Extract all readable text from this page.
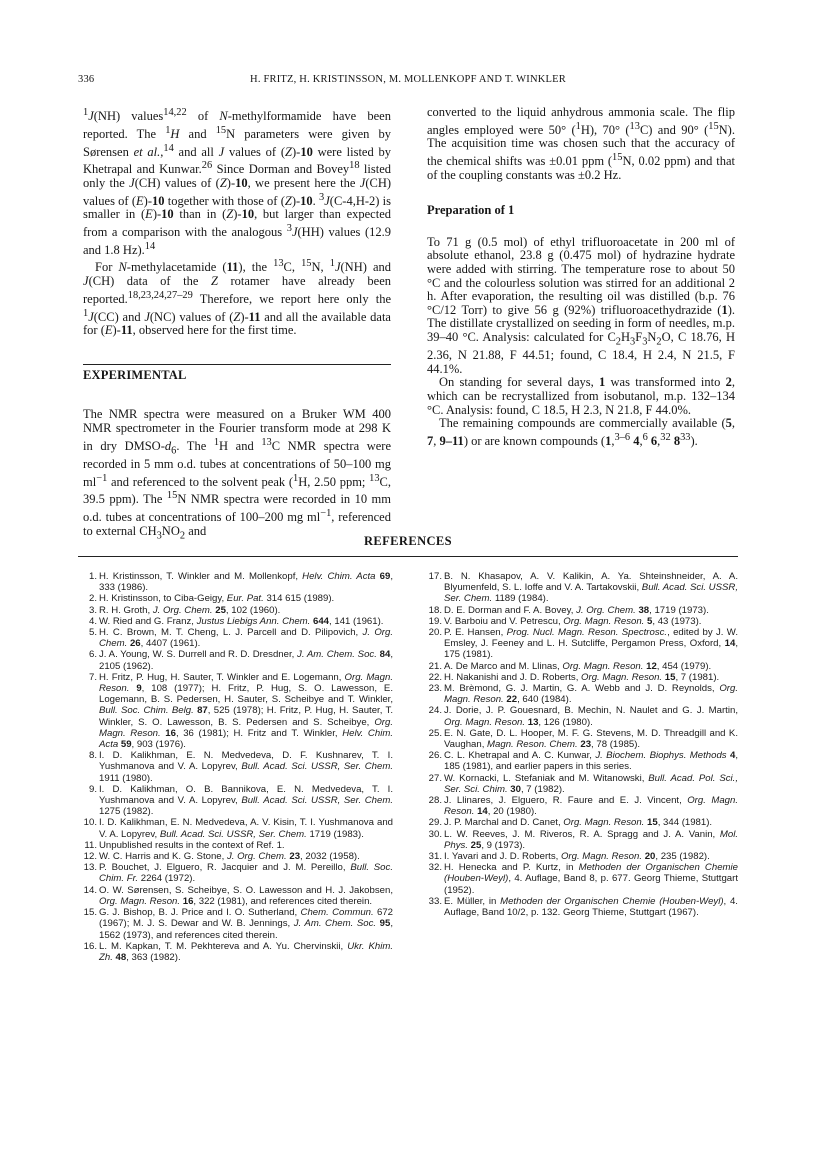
336	H. FRITZ, H. KRISTINSSON, M. MOLLENKOPF AND T. WINKLER

$^1$J(NH) values$^{14,22}$ of N-methylformamide have been reported. The $^1$H and $^{15}$N parameters were given by Sørensen et al.,$^{14}$ and all J values of (Z)-10 were listed by Khetrapal and Kunwar.$^{26}$ Since Dorman and Bovey$^{18}$ listed only the J(CH) values of (Z)-10, we present here the J(CH) values of (E)-10 together with those of (Z)-10. $^3$J(C-4,H-2) is smaller in (E)-10 than in (Z)-10, but larger than expected from a comparison with the analogous $^3$J(HH) values (12.9 and 1.8 Hz).$^{14}$

For N-methylacetamide (11), the $^{13}$C, $^{15}$N, $^1$J(NH) and J(CH) data of the Z rotamer have already been reported.$^{18,23,24,27-29}$ Therefore, we report here only the $^1$J(CC) and J(NC) values of (Z)-11 and all the available data for (E)-11, observed here for the first time.

EXPERIMENTAL

The NMR spectra were measured on a Bruker WM 400 NMR spectrometer in the Fourier transform mode at 298 K in dry DMSO-$d_6$. The $^1$H and $^{13}$C NMR spectra were recorded in 5 mm o.d. tubes at concentrations of 50–100 mg $ml^{-1}$ and referenced to the solvent peak ($^1$H, 2.50 ppm; $^{13}$C, 39.5 ppm). The $^{15}$N NMR spectra were recorded in 10 mm o.d. tubes at concentrations of 100–200 mg $ml^{-1}$, referenced to external $CH_3NO_2$ and

converted to the liquid anhydrous ammonia scale. The flip angles employed were 50° ($^1$H), 70° ($^{13}$C) and 90° ($^{15}$N). The acquisition time was chosen such that the accuracy of the chemical shifts was ±0.01 ppm ($^{15}$N, 0.02 ppm) and that of the coupling constants was ±0.2 Hz.

Preparation of 1

To 71 g (0.5 mol) of ethyl trifluoroacetate in 200 ml of absolute ethanol, 23.8 g (0.475 mol) of hydrazine hydrate were added with stirring. The temperature rose to about 50 °C and the colourless solution was stirred for an additional 2 h. After evaporation, the resulting oil was distilled (b.p. 76 °C/12 Torr) to give 56 g (92%) trifluoroacethydrazide (1). The distillate crystallized on seeding in form of needles, m.p. 39–40 °C. Analysis: calculated for $C_2H_3F_3N_2O$, C 18.76, H 2.36, N 21.88, F 44.51; found, C 18.4, H 2.4, N 21.5, F 44.1%.

On standing for several days, 1 was transformed into 2, which can be recrystallized from isobutanol, m.p. 132–134 °C. Analysis: found, C 18.5, H 2.3, N 21.8, F 44.0%.

The remaining compounds are commercially available (5, 7, 9–11) or are known compounds (1,$^{3-6}$ 4,$^6$ 6,32 $8^{33}$).

REFERENCES
1 . H. Kristinsson, T. Winkler and M. Mollenkopf, Helv. Chim. Acta 69, 333 (1986).
2 . H. Kristinsson, to Ciba-Geigy, Eur. Pat. 314 615 (1989).
3 . R. H. Groth, J. Org. Chem. 25, 102 (1960).
4 . W. Ried and G. Franz, Justus Liebigs Ann. Chem. 644, 141 (1961).
5 . H. C. Brown, M. T. Cheng, L. J. Parcell and D. Pilipovich, J. Org. Chem. 26, 4407 (1961).
6 . J. A. Young, W. S. Durrell and R. D. Dresdner, J. Am. Chem. Soc. 84, 2105 (1962).
7 . H. Fritz, P. Hug, H. Sauter, T. Winkler and E. Logemann, Org. Magn. Reson. 9, 108 (1977); H. Fritz, P. Hug, S. O. Lawesson, E. Logemann, B. S. Pedersen, H. Sauter, S. Scheibye and T. Winkler, Bull. Soc. Chim. Belg. 87, 525 (1978); H. Fritz, P. Hug, H. Sauter, T. Winkler, S. O. Lawesson, B. S. Pedersen and S. Scheibye, Org. Magn. Reson. 16, 36 (1981); H. Fritz and T. Winkler, Helv. Chim. Acta 59, 903 (1976).
8 . I. D. Kalikhman, E. N. Medvedeva, D. F. Kushnarev, T. I. Yushmanova and V. A. Lopyrev, Bull. Acad. Sci. USSR, Ser. Chem. 1911 (1980).
9 . I. D. Kalikhman, O. B. Bannikova, E. N. Medvedeva, T. I. Yushmanova and V. A. Lopyrev, Bull. Acad. Sci. USSR, Ser. Chem. 1275 (1982).
10 . I. D. Kalikhman, E. N. Medvedeva, A. V. Kisin, T. I. Yushmanova and V. A. Lopyrev, Bull. Acad. Sci. USSR, Ser. Chem. 1719 (1983).
11 . Unpublished results in the context of Ref. 1.
12 . W. C. Harris and K. G. Stone, J. Org. Chem. 23, 2032 (1958).
13 . P. Bouchet, J. Elguero, R. Jacquier and J. M. Pereillo, Bull. Soc. Chim. Fr. 2264 (1972).
14 . O. W. Sørensen, S. Scheibye, S. O. Lawesson and H. J. Jakobsen, Org. Magn. Reson. 16, 322 (1981), and references cited therein.
15 . G. J. Bishop, B. J. Price and I. O. Sutherland, Chem. Commun. 672 (1967); M. J. S. Dewar and W. B. Jennings, J. Am. Chem. Soc. 95, 1562 (1973), and references cited therein.
16 . L. M. Kapkan, T. M. Pekhtereva and A. Yu. Chervinskii, Ukr. Khim. Zh. 48, 363 (1982).
17 . B. N. Khasapov, A. V. Kalikin, A. Ya. Shteinshneider, A. A. Blyumenfeld, S. L. Ioffe and V. A. Tartakovskii, Bull. Acad. Sci. USSR, Ser. Chem. 1189 (1984).
18 . D. E. Dorman and F. A. Bovey, J. Org. Chem. 38, 1719 (1973).
19 . V. Barboiu and V. Petrescu, Org. Magn. Reson. 5, 43 (1973).
20 . P. E. Hansen, Prog. Nucl. Magn. Reson. Spectrosc., edited by J. W. Emsley, J. Feeney and L. H. Sutcliffe, Pergamon Press, Oxford, 14, 175 (1981).
21 . A. De Marco and M. Llinas, Org. Magn. Reson. 12, 454 (1979).
22 . H. Nakanishi and J. D. Roberts, Org. Magn. Reson. 15, 7 (1981).
23 . M. Brèmond, G. J. Martin, G. A. Webb and J. D. Reynolds, Org. Magn. Reson. 22, 640 (1984).
24 . J. Dorie, J. P. Gouesnard, B. Mechin, N. Naulet and G. J. Martin, Org. Magn. Reson. 13, 126 (1980).
25 . E. N. Gate, D. L. Hooper, M. F. G. Stevens, M. D. Threadgill and K. Vaughan, Magn. Reson. Chem. 23, 78 (1985).
26 . C. L. Khetrapal and A. C. Kunwar, J. Biochem. Biophys. Methods 4, 185 (1981), and earlier papers in this series.
27 . W. Kornacki, L. Stefaniak and M. Witanowski, Bull. Acad. Pol. Sci., Ser. Sci. Chim. 30, 7 (1982).
28 . J. Llinares, J. Elguero, R. Faure and E. J. Vincent, Org. Magn. Reson. 14, 20 (1980).
29 . J. P. Marchal and D. Canet, Org. Magn. Reson. 15, 344 (1981).
30 . L. W. Reeves, J. M. Riveros, R. A. Spragg and J. A. Vanin, Mol. Phys. 25, 9 (1973).
31 . I. Yavari and J. D. Roberts, Org. Magn. Reson. 20, 235 (1982).
32 . H. Henecka and P. Kurtz, in Methoden der Organischen Chemie (Houben-Weyl), 4. Auflage, Band 8, p. 677. Georg Thieme, Stuttgart (1952).
33 . E. Müller, in Methoden der Organischen Chemie (Houben-Weyl), 4. Auflage, Band 10/2, p. 132. Georg Thieme, Stuttgart (1967).
